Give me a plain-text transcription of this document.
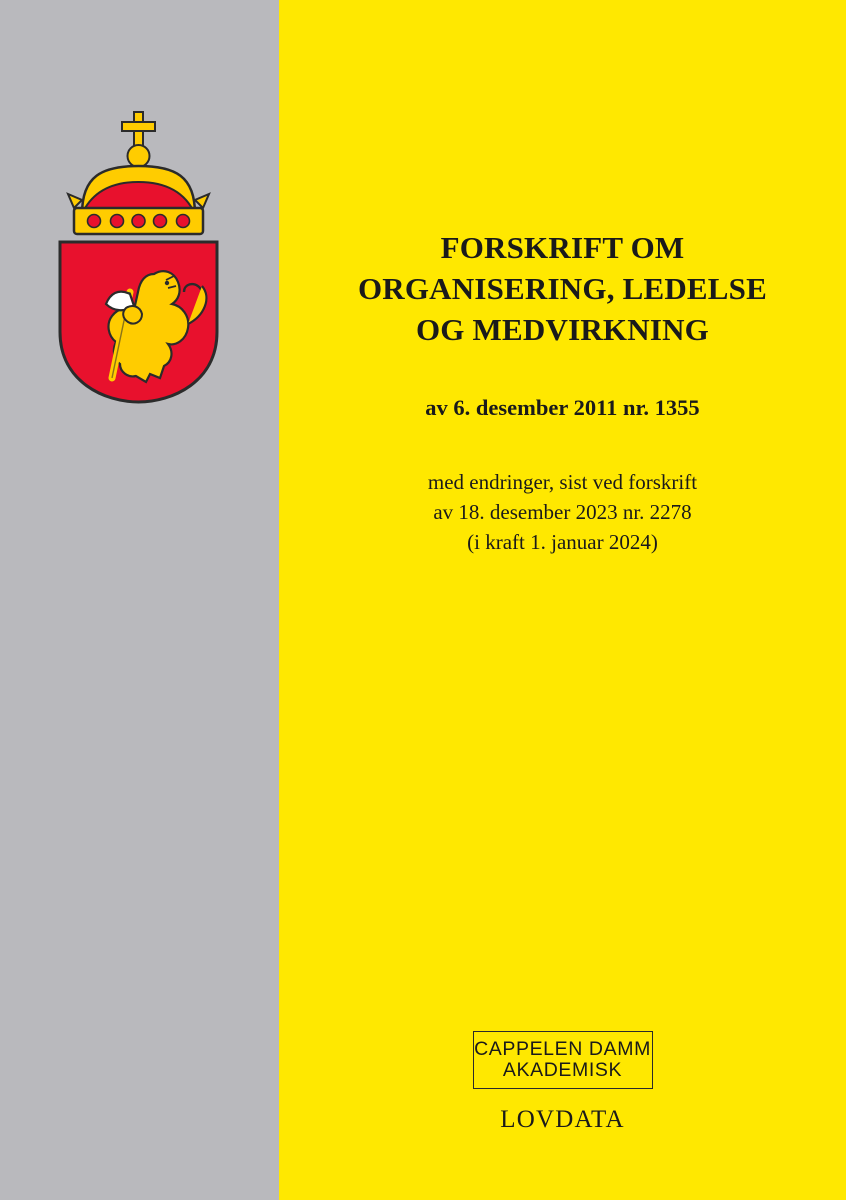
FORSKRIFT OM
ORGANISERING, LEDELSE
OG MEDVIRKNING
av 6. desember 2011 nr. 1355
med endringer, sist ved forskrift
av 18. desember 2023 nr. 2278
(i kraft 1. januar 2024)
CAPPELEN DAMM
AKADEMISK
LOVDATA
